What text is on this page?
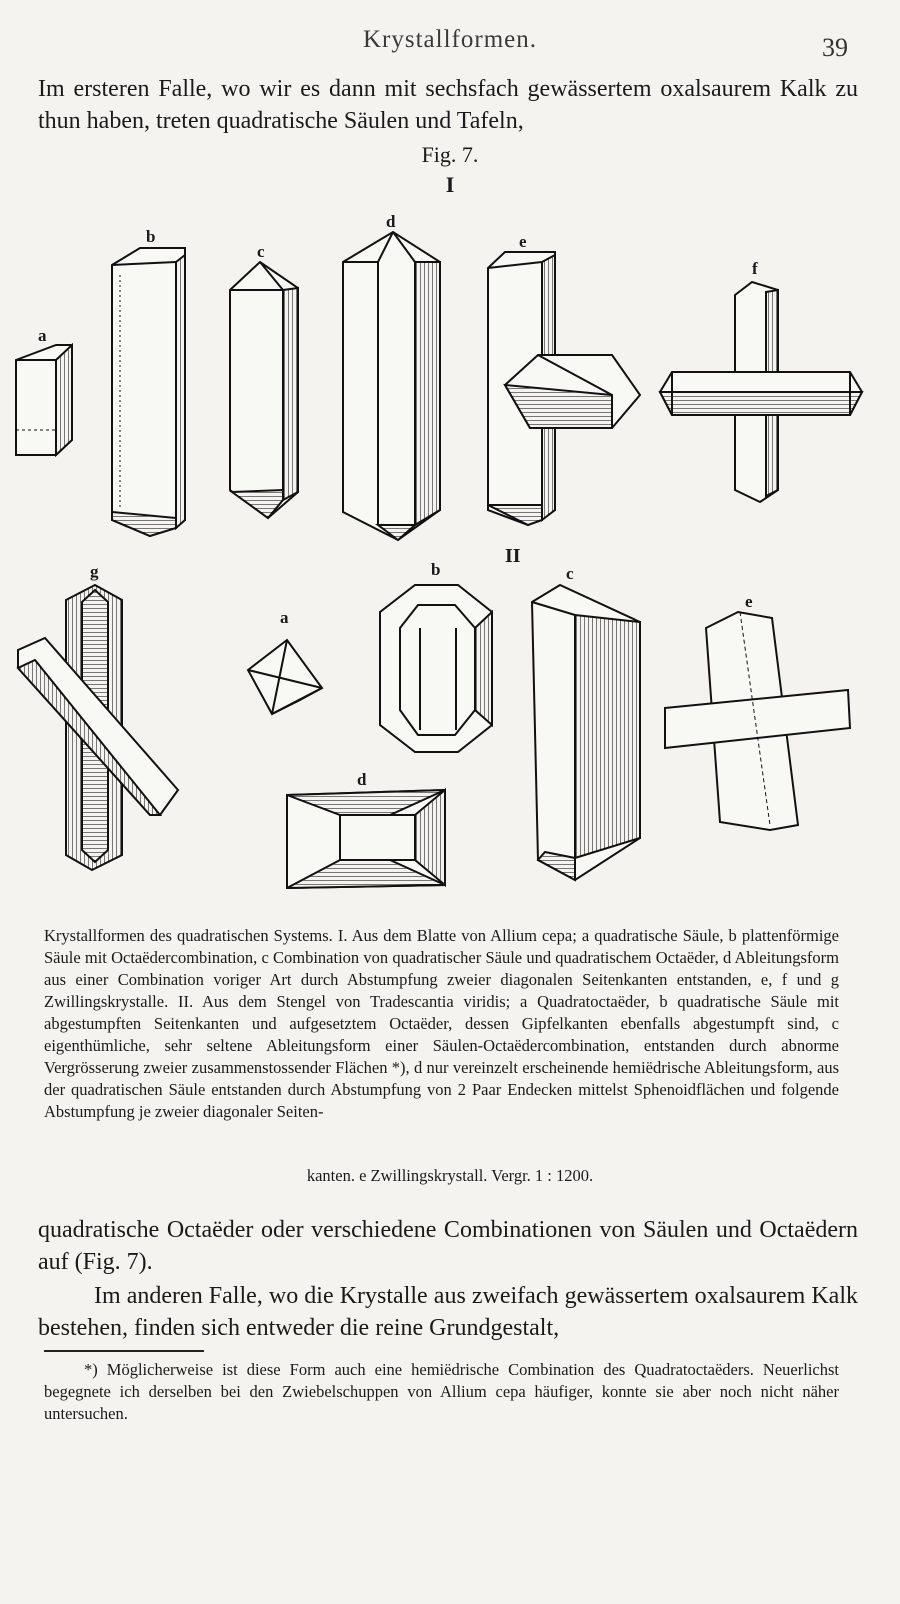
Krystallformen.	39
Im ersteren Falle, wo wir es dann mit sechsfach gewässertem oxalsaurem Kalk zu thun haben, treten quadratische Säulen und Tafeln,
Fig. 7.
I
II
a
b
c
d
e
f
g
a
b	c
d
e
Krystallformen des quadratischen Systems. I. Aus dem Blatte von Allium cepa; a quadratische Säule, b plattenförmige Säule mit Octaëdercombination, c Combination von quadratischer Säule und quadratischem Octaëder, d Ableitungsform aus einer Combination voriger Art durch Abstumpfung zweier diagonalen Seitenkanten entstanden, e, f und g Zwillingskrystalle. II. Aus dem Stengel von Tradescantia viridis; a Quadratoctaëder, b quadratische Säule mit abgestumpften Seitenkanten und aufgesetztem Octaëder, dessen Gipfelkanten ebenfalls abgestumpft sind, c eigenthümliche, sehr seltene Ableitungsform einer Säulen-Octaëdercombination, entstanden durch abnorme Vergrösserung zweier zusammenstossender Flächen *), d nur vereinzelt erscheinende hemiëdrische Ableitungsform, aus der quadratischen Säule entstanden durch Abstumpfung von 2 Paar Endecken mittelst Sphenoidflächen und folgende Abstumpfung je zweier diagonaler Seiten-
kanten. e Zwillingskrystall. Vergr. 1 : 1200.
quadratische Octaëder oder verschiedene Combinationen von Säulen und Octaëdern auf (Fig. 7).
Im anderen Falle, wo die Krystalle aus zweifach gewässertem oxalsaurem Kalk bestehen, finden sich entweder die reine Grundgestalt,
*) Möglicherweise ist diese Form auch eine hemiëdrische Combination des Quadratoctaëders. Neuerlichst begegnete ich derselben bei den Zwiebelschuppen von Allium cepa häufiger, konnte sie aber noch nicht näher untersuchen.
